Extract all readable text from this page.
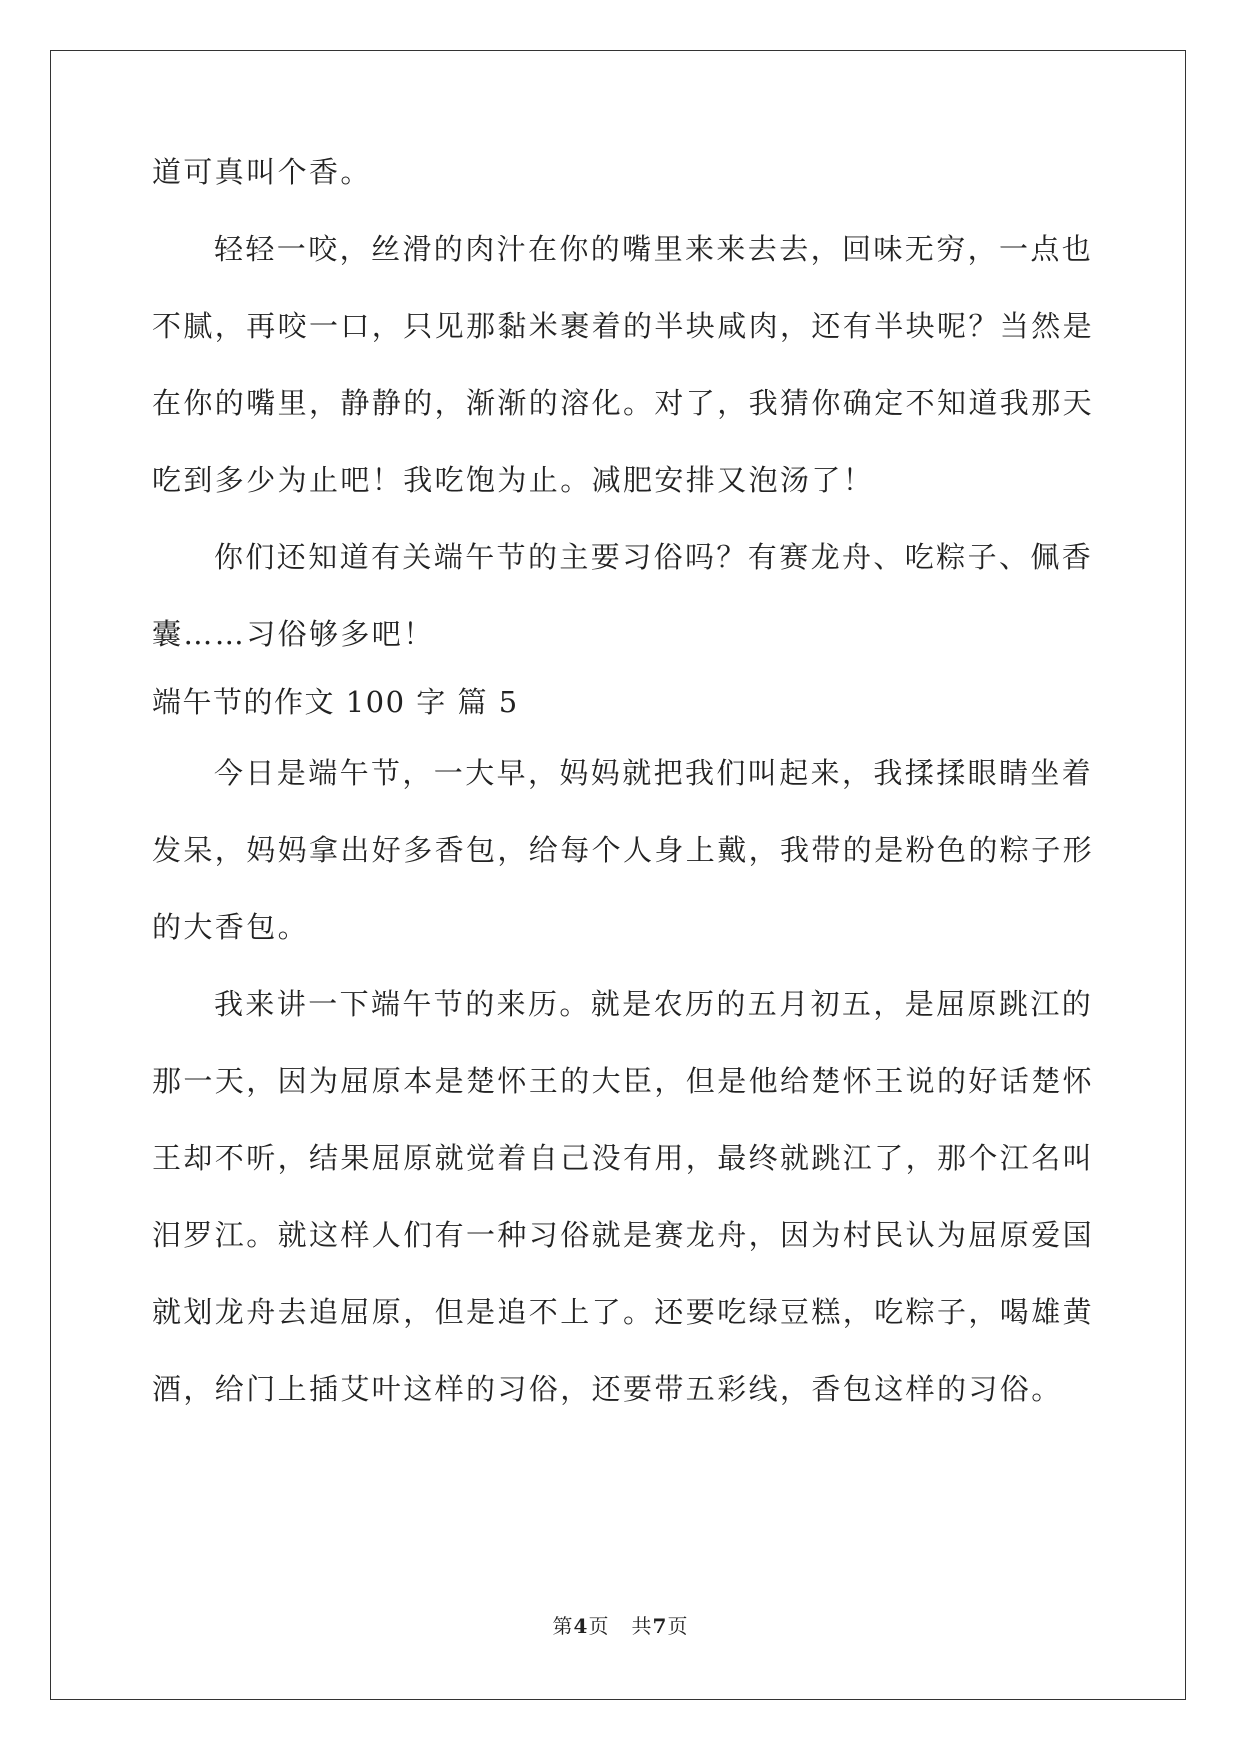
道可真叫个香。

轻轻一咬，丝滑的肉汁在你的嘴里来来去去，回味无穷，一点也

不腻，再咬一口，只见那黏米裹着的半块咸肉，还有半块呢？当然是

在你的嘴里，静静的，渐渐的溶化。对了，我猜你确定不知道我那天

吃到多少为止吧！我吃饱为止。减肥安排又泡汤了！

你们还知道有关端午节的主要习俗吗？有赛龙舟、吃粽子、佩香

囊……习俗够多吧！

端午节的作文 100 字 篇 5

今日是端午节，一大早，妈妈就把我们叫起来，我揉揉眼睛坐着

发呆，妈妈拿出好多香包，给每个人身上戴，我带的是粉色的粽子形

的大香包。

我来讲一下端午节的来历。就是农历的五月初五，是屈原跳江的

那一天，因为屈原本是楚怀王的大臣，但是他给楚怀王说的好话楚怀

王却不听，结果屈原就觉着自己没有用，最终就跳江了，那个江名叫

汨罗江。就这样人们有一种习俗就是赛龙舟，因为村民认为屈原爱国

就划龙舟去追屈原，但是追不上了。还要吃绿豆糕，吃粽子，喝雄黄

酒，给门上插艾叶这样的习俗，还要带五彩线，香包这样的习俗。

第4页 共7页
